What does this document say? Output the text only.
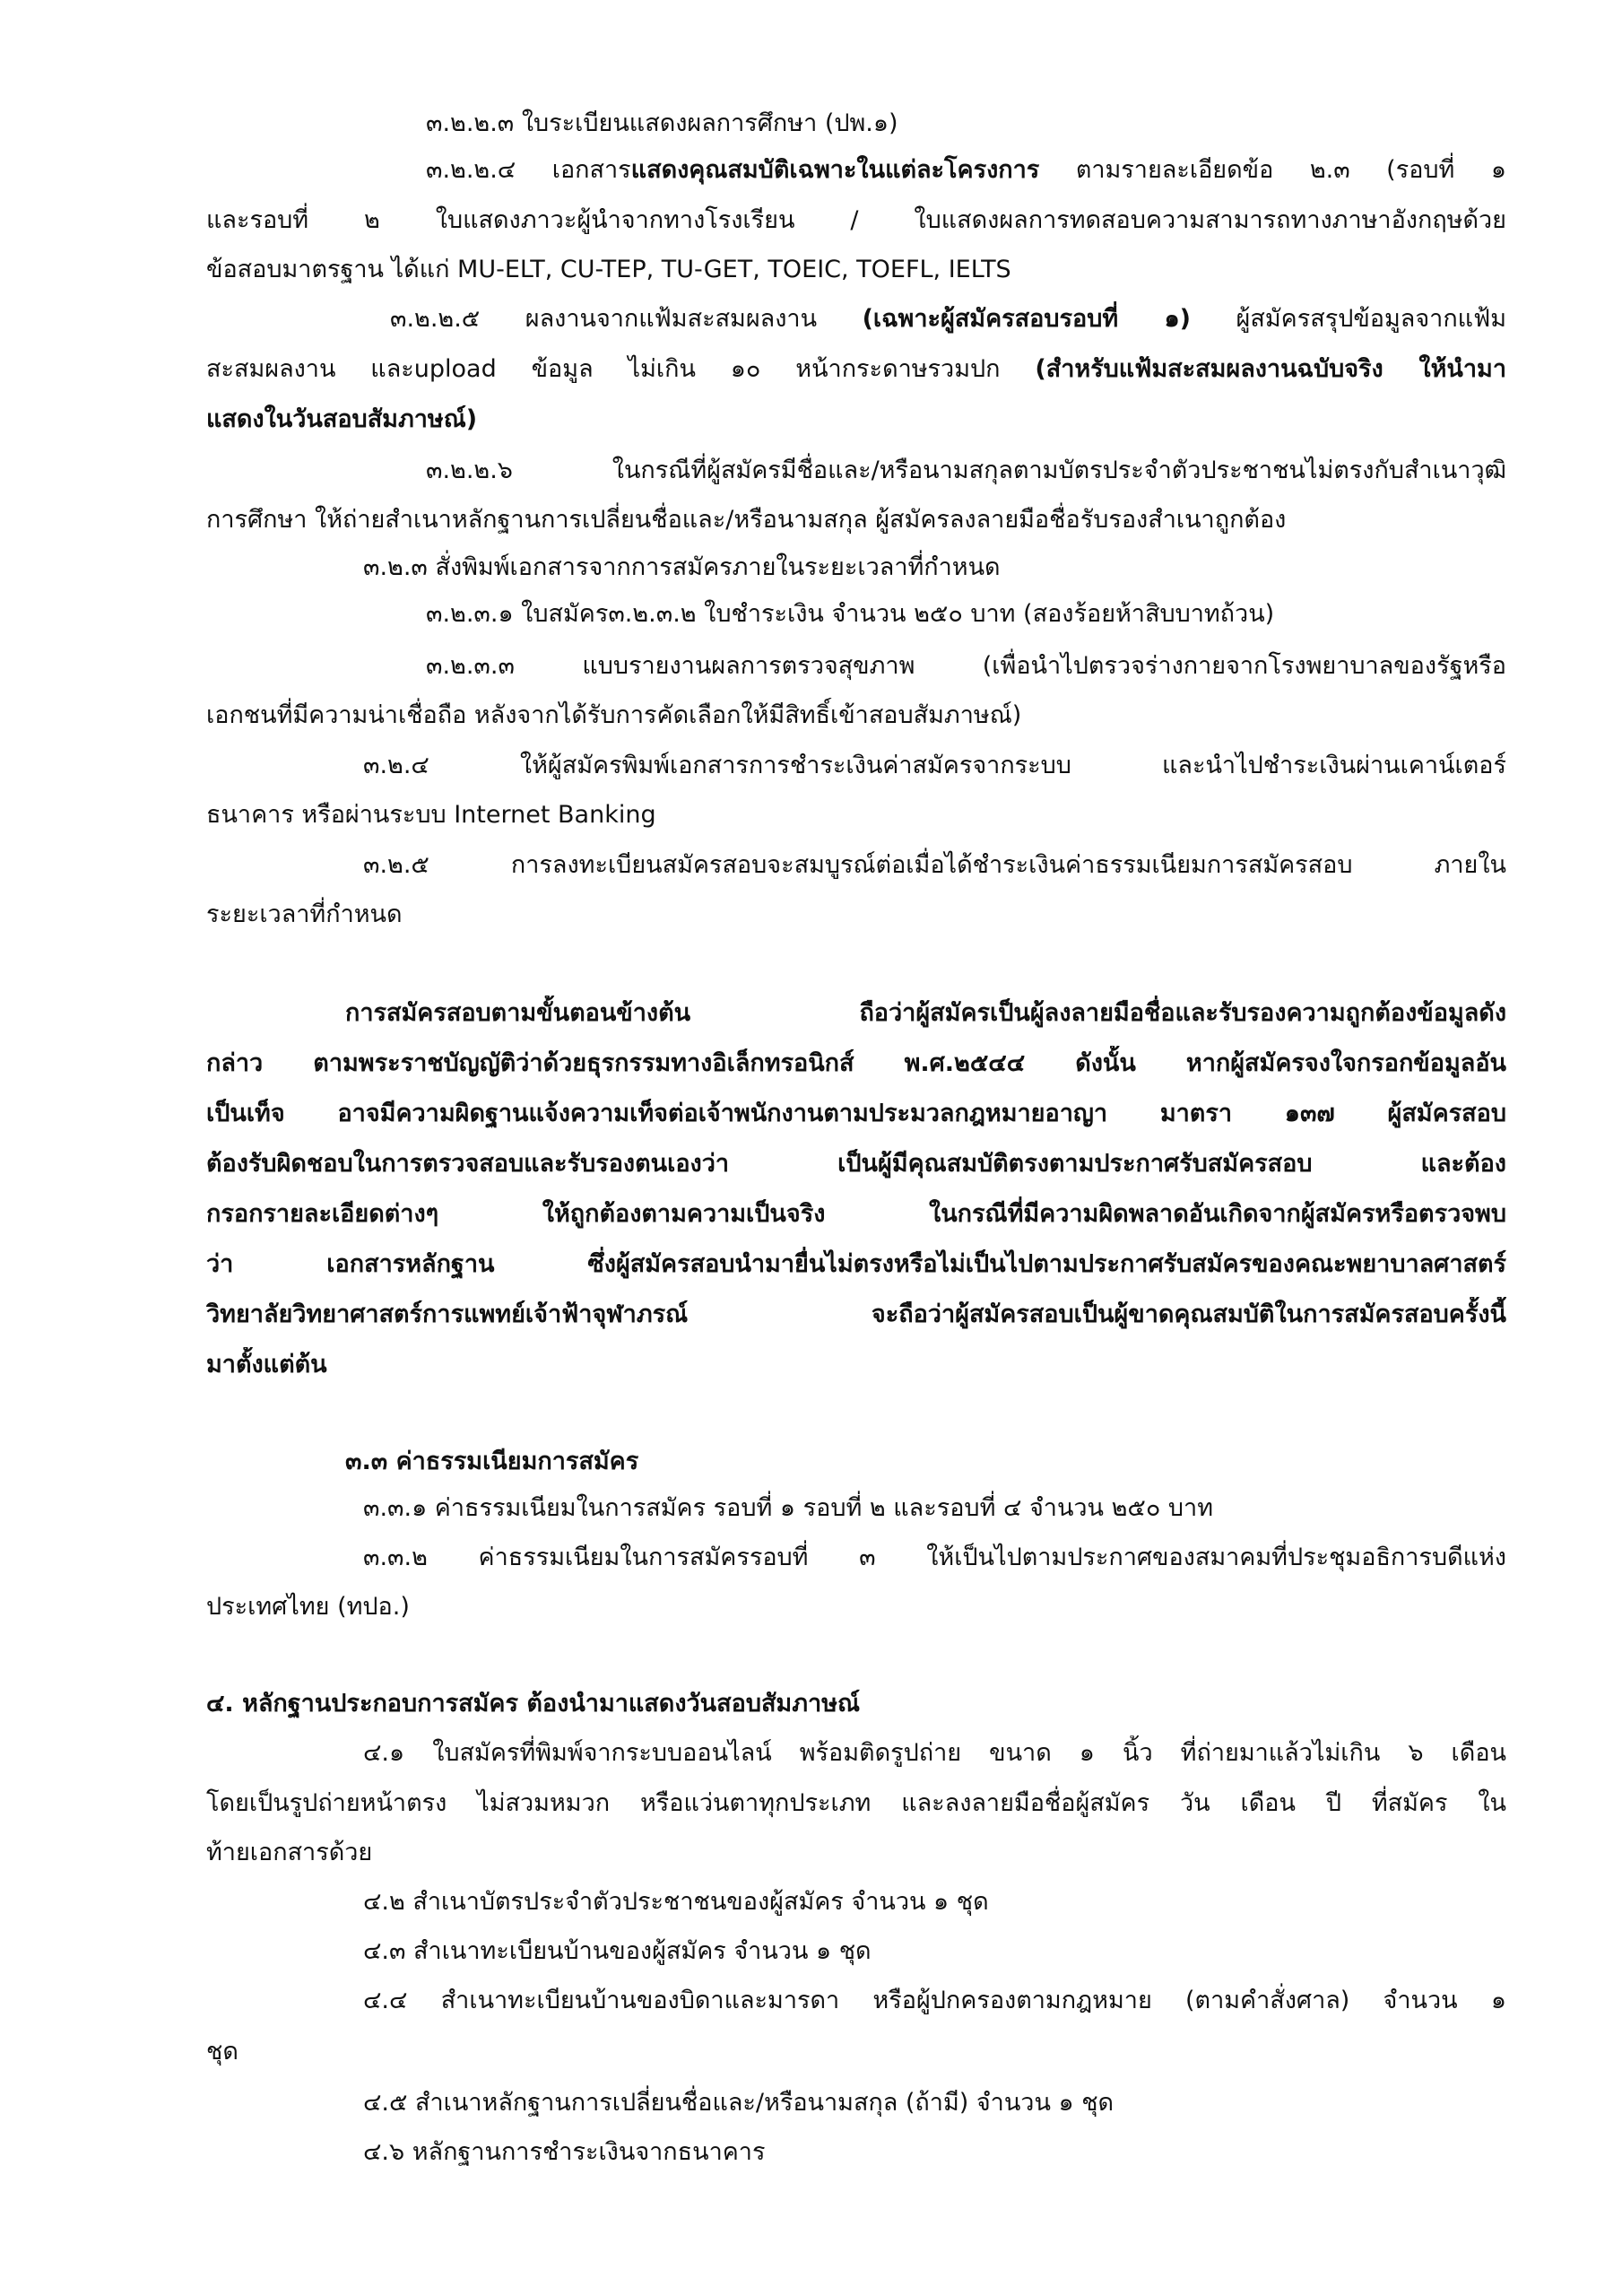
๓.๒.๒.๓ ใบระเบียนแสดงผลการศึกษา (ปพ.๑)
๓.๒.๒.๔ เอกสารแสดงคุณสมบัติเฉพาะในแต่ละโครงการ ตามรายละเอียดข้อ ๒.๓ (รอบที่ ๑
และรอบที่ ๒ ใบแสดงภาวะผู้นำจากทางโรงเรียน / ใบแสดงผลการทดสอบความสามารถทางภาษาอังกฤษด้วย
ข้อสอบมาตรฐาน ได้แก่ MU-ELT, CU-TEP, TU-GET, TOEIC, TOEFL, IELTS
๓.๒.๒.๕ ผลงานจากแฟ้มสะสมผลงาน (เฉพาะผู้สมัครสอบรอบที่ ๑) ผู้สมัครสรุปข้อมูลจากแฟ้ม
สะสมผลงาน และupload ข้อมูล ไม่เกิน ๑๐ หน้ากระดาษรวมปก (สำหรับแฟ้มสะสมผลงานฉบับจริง ให้นำมา
แสดงในวันสอบสัมภาษณ์)
๓.๒.๒.๖ ในกรณีที่ผู้สมัครมีชื่อและ/หรือนามสกุลตามบัตรประจำตัวประชาชนไม่ตรงกับสำเนาวุฒิ
การศึกษา ให้ถ่ายสำเนาหลักฐานการเปลี่ยนชื่อและ/หรือนามสกุล ผู้สมัครลงลายมือชื่อรับรองสำเนาถูกต้อง
๓.๒.๓ สั่งพิมพ์เอกสารจากการสมัครภายในระยะเวลาที่กำหนด
๓.๒.๓.๑ ใบสมัคร๓.๒.๓.๒ ใบชำระเงิน จำนวน ๒๕๐ บาท (สองร้อยห้าสิบบาทถ้วน)
๓.๒.๓.๓ แบบรายงานผลการตรวจสุขภาพ (เพื่อนำไปตรวจร่างกายจากโรงพยาบาลของรัฐหรือ
เอกชนที่มีความน่าเชื่อถือ หลังจากได้รับการคัดเลือกให้มีสิทธิ์เข้าสอบสัมภาษณ์)
๓.๒.๔ ให้ผู้สมัครพิมพ์เอกสารการชำระเงินค่าสมัครจากระบบ และนำไปชำระเงินผ่านเคาน์เตอร์
ธนาคาร หรือผ่านระบบ Internet Banking
๓.๒.๕ การลงทะเบียนสมัครสอบจะสมบูรณ์ต่อเมื่อได้ชำระเงินค่าธรรมเนียมการสมัครสอบ ภายใน
ระยะเวลาที่กำหนด
การสมัครสอบตามขั้นตอนข้างต้น ถือว่าผู้สมัครเป็นผู้ลงลายมือชื่อและรับรองความถูกต้องข้อมูลดัง
กล่าว ตามพระราชบัญญัติว่าด้วยธุรกรรมทางอิเล็กทรอนิกส์ พ.ศ.๒๕๔๔ ดังนั้น หากผู้สมัครจงใจกรอกข้อมูลอัน
เป็นเท็จ อาจมีความผิดฐานแจ้งความเท็จต่อเจ้าพนักงานตามประมวลกฎหมายอาญา มาตรา ๑๓๗ ผู้สมัครสอบ
ต้องรับผิดชอบในการตรวจสอบและรับรองตนเองว่า เป็นผู้มีคุณสมบัติตรงตามประกาศรับสมัครสอบ และต้อง
กรอกรายละเอียดต่างๆ ให้ถูกต้องตามความเป็นจริง ในกรณีที่มีความผิดพลาดอันเกิดจากผู้สมัครหรือตรวจพบ
ว่า เอกสารหลักฐาน ซึ่งผู้สมัครสอบนำมายื่นไม่ตรงหรือไม่เป็นไปตามประกาศรับสมัครของคณะพยาบาลศาสตร์
วิทยาลัยวิทยาศาสตร์การแพทย์เจ้าฟ้าจุฬาภรณ์ จะถือว่าผู้สมัครสอบเป็นผู้ขาดคุณสมบัติในการสมัครสอบครั้งนี้
มาตั้งแต่ต้น
๓.๓ ค่าธรรมเนียมการสมัคร
๓.๓.๑ ค่าธรรมเนียมในการสมัคร รอบที่ ๑ รอบที่ ๒ และรอบที่ ๔ จำนวน ๒๕๐ บาท
๓.๓.๒ ค่าธรรมเนียมในการสมัครรอบที่ ๓ ให้เป็นไปตามประกาศของสมาคมที่ประชุมอธิการบดีแห่ง
ประเทศไทย (ทปอ.)
๔. หลักฐานประกอบการสมัคร ต้องนำมาแสดงวันสอบสัมภาษณ์
๔.๑ ใบสมัครที่พิมพ์จากระบบออนไลน์ พร้อมติดรูปถ่าย ขนาด ๑ นิ้ว ที่ถ่ายมาแล้วไม่เกิน ๖ เดือน
โดยเป็นรูปถ่ายหน้าตรง ไม่สวมหมวก หรือแว่นตาทุกประเภท และลงลายมือชื่อผู้สมัคร วัน เดือน ปี ที่สมัคร ใน
ท้ายเอกสารด้วย
๔.๒ สำเนาบัตรประจำตัวประชาชนของผู้สมัคร จำนวน ๑ ชุด
๔.๓ สำเนาทะเบียนบ้านของผู้สมัคร จำนวน ๑ ชุด
๔.๔ สำเนาทะเบียนบ้านของบิดาและมารดา หรือผู้ปกครองตามกฎหมาย (ตามคำสั่งศาล) จำนวน ๑
ชุด
๔.๕ สำเนาหลักฐานการเปลี่ยนชื่อและ/หรือนามสกุล (ถ้ามี) จำนวน ๑ ชุด
๔.๖ หลักฐานการชำระเงินจากธนาคาร
